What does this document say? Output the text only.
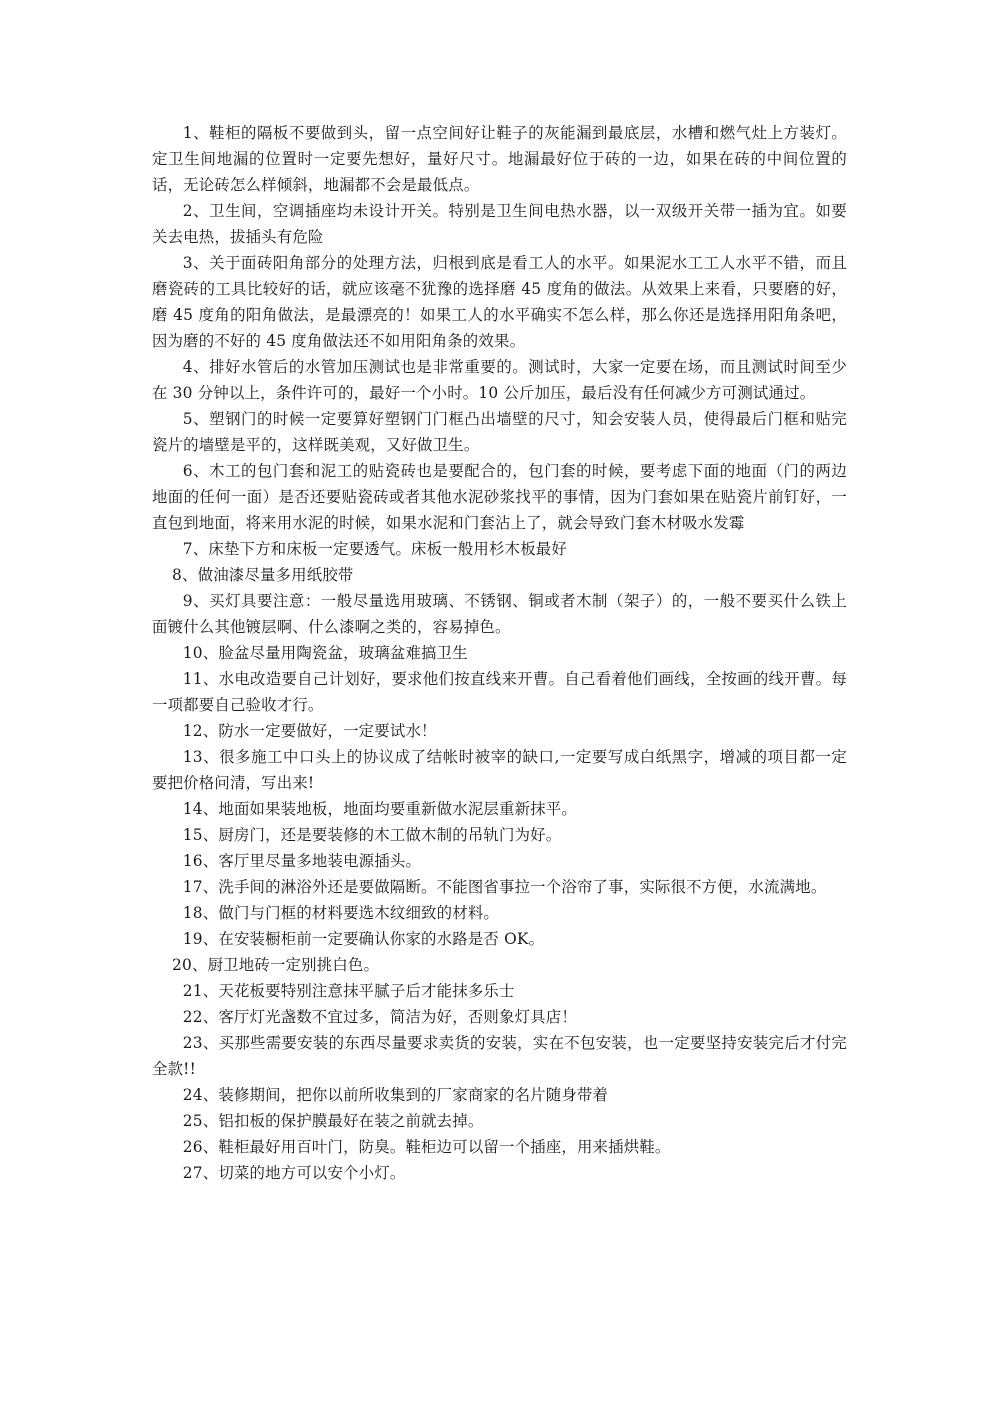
1、鞋柜的隔板不要做到头，留一点空间好让鞋子的灰能漏到最底层，水槽和燃气灶上方装灯。定卫生间地漏的位置时一定要先想好，量好尺寸。地漏最好位于砖的一边，如果在砖的中间位置的话，无论砖怎么样倾斜，地漏都不会是最低点。

2、卫生间，空调插座均未设计开关。特别是卫生间电热水器，以一双级开关带一插为宜。如要关去电热，拔插头有危险

3、关于面砖阳角部分的处理方法，归根到底是看工人的水平。如果泥水工工人水平不错，而且磨瓷砖的工具比较好的话，就应该毫不犹豫的选择磨 45 度角的做法。从效果上来看，只要磨的好，磨 45 度角的阳角做法，是最漂亮的！如果工人的水平确实不怎么样，那么你还是选择用阳角条吧，因为磨的不好的 45 度角做法还不如用阳角条的效果。

4、排好水管后的水管加压测试也是非常重要的。测试时，大家一定要在场，而且测试时间至少在 30 分钟以上，条件许可的，最好一个小时。10 公斤加压，最后没有任何减少方可测试通过。

5、塑钢门的时候一定要算好塑钢门门框凸出墙壁的尺寸，知会安装人员，使得最后门框和贴完瓷片的墙壁是平的，这样既美观，又好做卫生。

6、木工的包门套和泥工的贴瓷砖也是要配合的，包门套的时候，要考虑下面的地面（门的两边地面的任何一面）是否还要贴瓷砖或者其他水泥砂浆找平的事情，因为门套如果在贴瓷片前钉好，一直包到地面，将来用水泥的时候，如果水泥和门套沾上了，就会导致门套木材吸水发霉

7、床垫下方和床板一定要透气。床板一般用杉木板最好

8、做油漆尽量多用纸胶带

9、买灯具要注意：一般尽量选用玻璃、不锈钢、铜或者木制（架子）的，一般不要买什么铁上面镀什么其他镀层啊、什么漆啊之类的，容易掉色。

10、脸盆尽量用陶瓷盆，玻璃盆难搞卫生

11、水电改造要自己计划好，要求他们按直线来开曹。自己看着他们画线，全按画的线开曹。每一项都要自己验收才行。

12、防水一定要做好，一定要试水！

13、很多施工中口头上的协议成了结帐时被宰的缺口,一定要写成白纸黑字，增减的项目都一定要把价格问清，写出来!

14、地面如果装地板，地面均要重新做水泥层重新抹平。

15、厨房门，还是要装修的木工做木制的吊轨门为好。

16、客厅里尽量多地装电源插头。

17、洗手间的淋浴外还是要做隔断。不能图省事拉一个浴帘了事，实际很不方便，水流满地。

18、做门与门框的材料要选木纹细致的材料。

19、在安装橱柜前一定要确认你家的水路是否 OK。

20、厨卫地砖一定别挑白色。

21、天花板要特别注意抹平腻子后才能抹多乐士

22、客厅灯光盏数不宜过多，简洁为好，否则象灯具店！

23、买那些需要安装的东西尽量要求卖货的安装，实在不包安装，也一定要坚持安装完后才付完全款!!

24、装修期间，把你以前所收集到的厂家商家的名片随身带着

25、铝扣板的保护膜最好在装之前就去掉。

26、鞋柜最好用百叶门，防臭。鞋柜边可以留一个插座，用来插烘鞋。

27、切菜的地方可以安个小灯。
